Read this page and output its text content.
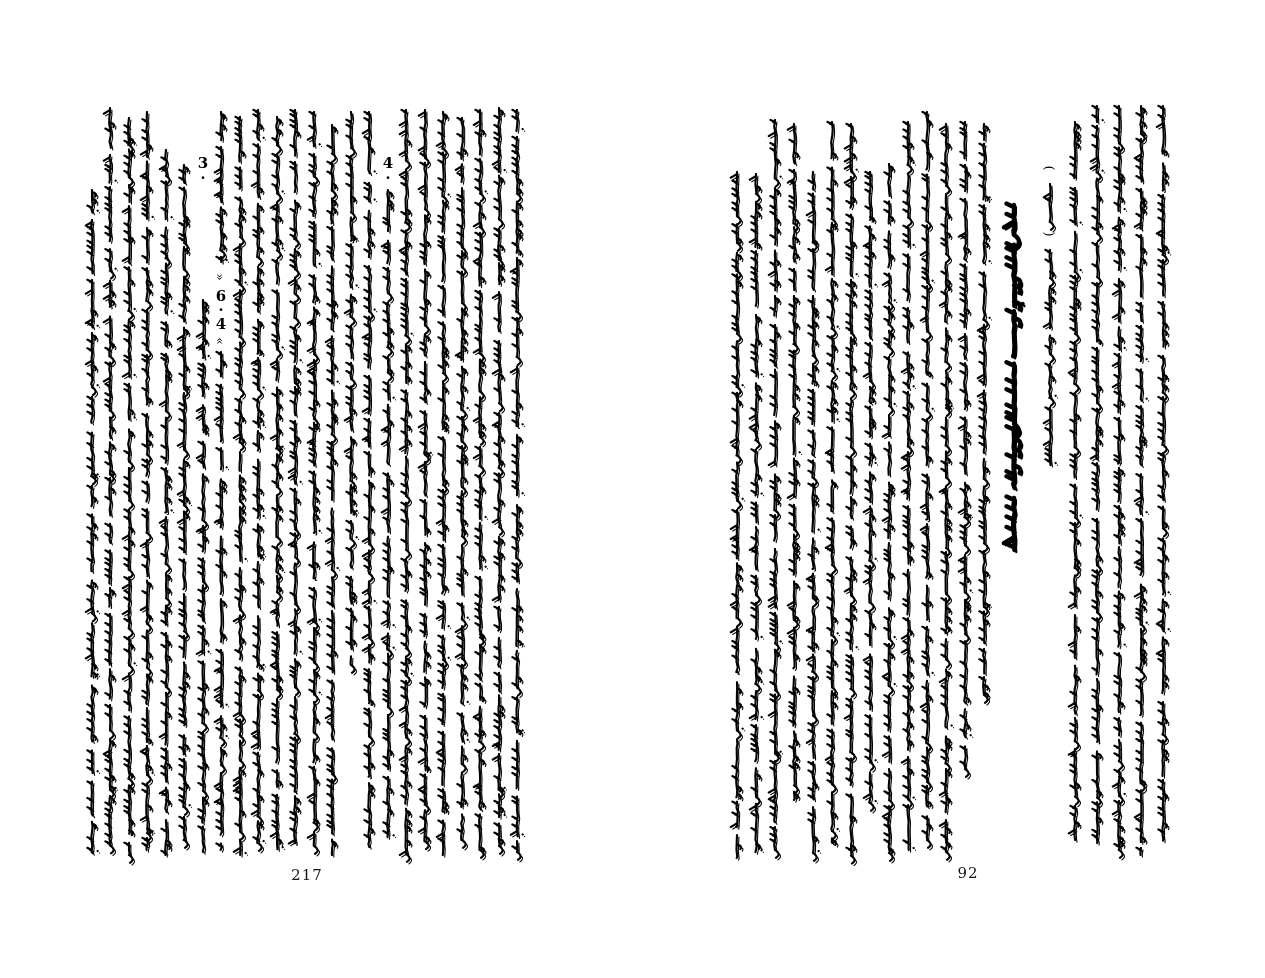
3
·
»
6
·
4
«
4
·
(
)
217	92
